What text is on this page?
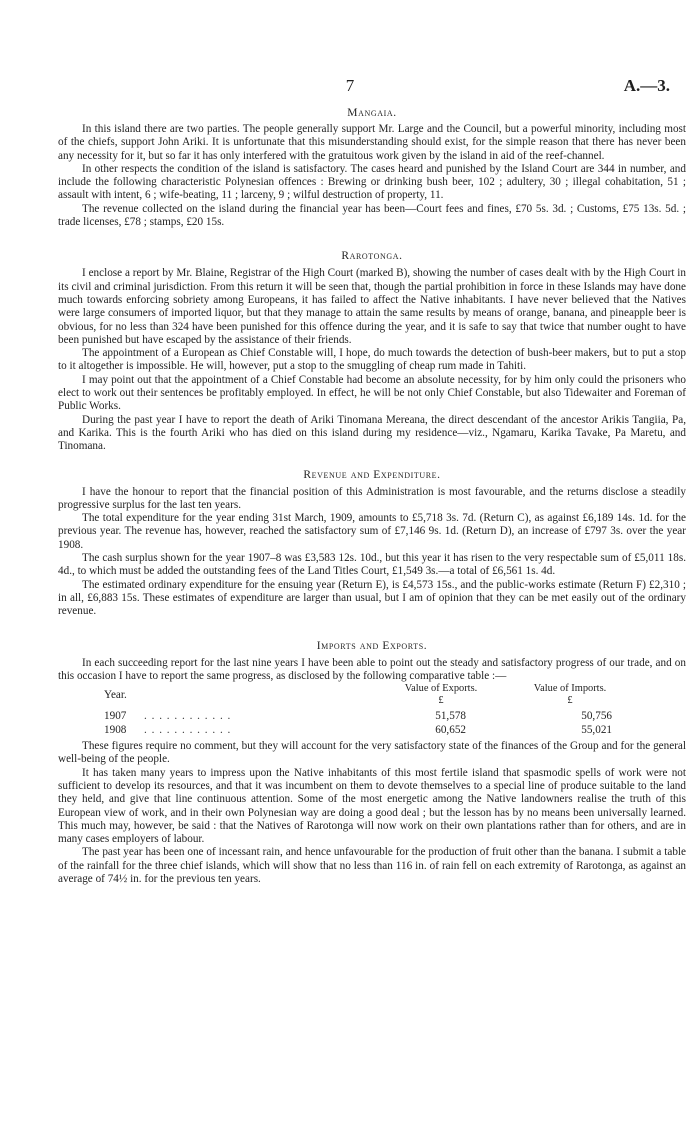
7	A.—3.
Mangaia.

In this island there are two parties. The people generally support Mr. Large and the Council, but a powerful minority, including most of the chiefs, support John Ariki. It is unfortunate that this misunderstanding should exist, for the simple reason that there has never been any necessity for it, but so far it has only interfered with the gratuitous work given by the island in aid of the reef-channel.

In other respects the condition of the island is satisfactory. The cases heard and punished by the Island Court are 344 in number, and include the following characteristic Polynesian offences : Brewing or drinking bush beer, 102 ; adultery, 30 ; illegal cohabitation, 51 ; assault with intent, 6 ; wife-beating, 11 ; larceny, 9 ; wilful destruction of property, 11.

The revenue collected on the island during the financial year has been—Court fees and fines, £70 5s. 3d. ; Customs, £75 13s. 5d. ; trade licenses, £78 ; stamps, £20 15s.

Rarotonga.

I enclose a report by Mr. Blaine, Registrar of the High Court (marked B), showing the number of cases dealt with by the High Court in its civil and criminal jurisdiction. From this return it will be seen that, though the partial prohibition in force in these Islands may have done much towards enforcing sobriety among Europeans, it has failed to affect the Native inhabitants. I have never believed that the Natives were large consumers of imported liquor, but that they manage to attain the same results by means of orange, banana, and pineapple beer is obvious, for no less than 324 have been punished for this offence during the year, and it is safe to say that twice that number ought to have been punished but have escaped by the assistance of their friends.

The appointment of a European as Chief Constable will, I hope, do much towards the detection of bush-beer makers, but to put a stop to it altogether is impossible. He will, however, put a stop to the smuggling of cheap rum made in Tahiti.

I may point out that the appointment of a Chief Constable had become an absolute necessity, for by him only could the prisoners who elect to work out their sentences be profitably employed. In effect, he will be not only Chief Constable, but also Tidewaiter and Foreman of Public Works.

During the past year I have to report the death of Ariki Tinomana Mereana, the direct descendant of the ancestor Arikis Tangiia, Pa, and Karika. This is the fourth Ariki who has died on this island during my residence—viz., Ngamaru, Karika Tavake, Pa Maretu, and Tinomana.

Revenue and Expenditure.

I have the honour to report that the financial position of this Administration is most favourable, and the returns disclose a steadily progressive surplus for the last ten years.

The total expenditure for the year ending 31st March, 1909, amounts to £5,718 3s. 7d. (Return C), as against £6,189 14s. 1d. for the previous year. The revenue has, however, reached the satisfactory sum of £7,146 9s. 1d. (Return D), an increase of £797 3s. over the year 1908.

The cash surplus shown for the year 1907–8 was £3,583 12s. 10d., but this year it has risen to the very respectable sum of £5,011 18s. 4d., to which must be added the outstanding fees of the Land Titles Court, £1,549 3s.—a total of £6,561 1s. 4d.

The estimated ordinary expenditure for the ensuing year (Return E), is £4,573 15s., and the public-works estimate (Return F) £2,310 ; in all, £6,883 15s. These estimates of expenditure are larger than usual, but I am of opinion that they can be met easily out of the ordinary revenue.

Imports and Exports.

In each succeeding report for the last nine years I have been able to point out the steady and satisfactory progress of our trade, and on this occasion I have to report the same progress, as disclosed by the following comparative table :—

Year.
Value of Exports.
£
Value of Imports.
£
1907 . . . . . . . . . . . .	51,578	50,756
1908 . . . . . . . . . . . .	60,652	55,021

These figures require no comment, but they will account for the very satisfactory state of the finances of the Group and for the general well-being of the people.

It has taken many years to impress upon the Native inhabitants of this most fertile island that spasmodic spells of work were not sufficient to develop its resources, and that it was incumbent on them to devote themselves to a special line of produce suitable to the land they held, and give that line continuous attention. Some of the most energetic among the Native landowners realise the truth of this European view of work, and in their own Polynesian way are doing a good deal ; but the lesson has by no means been universally learned. This much may, however, be said : that the Natives of Rarotonga will now work on their own plantations rather than for others, and are in many cases employers of labour.

The past year has been one of incessant rain, and hence unfavourable for the production of fruit other than the banana. I submit a table of the rainfall for the three chief islands, which will show that no less than 116 in. of rain fell on each extremity of Rarotonga, as against an average of 74½ in. for the previous ten years.
